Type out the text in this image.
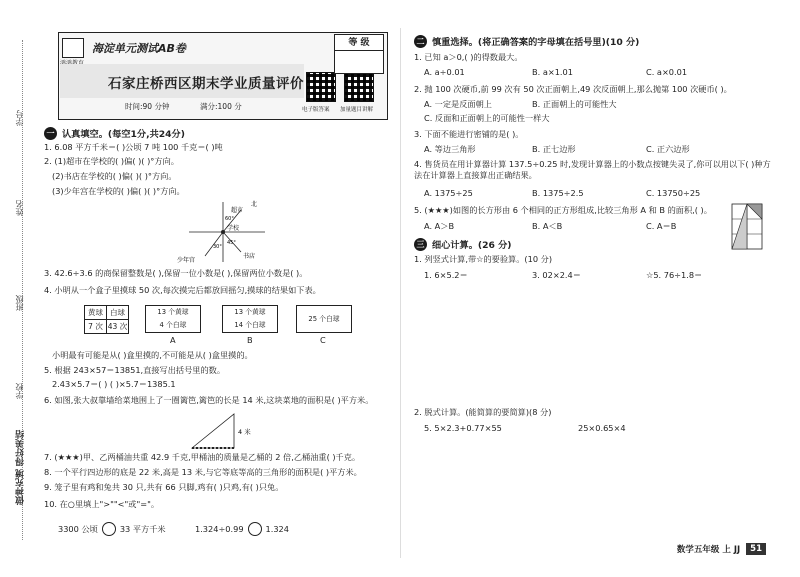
学号
姓名
班级
学校
做神充境 得好美结
海淀单元测试AB卷
石家庄桥西区期末学业质量评价
时间:90 分钟	满分:100 分	电子版答案 加量题目讲解
等 级
一 认真填空。(每空1分,共24分)
1. 6.08 平方千米＝( )公顷 7 吨 100 千克＝( )吨
2. (1)超市在学校的( )偏( )( )°方向。
(2)书店在学校的( )偏( )( )°方向。
(3)少年宫在学校的( )偏( )( )°方向。
北
超市
学校
书店
少年宫
60°
30°
45°
3. 42.6÷3.6 的商保留整数是( ),保留一位小数是( ),保留两位小数是( )。
4. 小明从一个盒子里摸球 50 次,每次摸完后都放回摇匀,摸球的结果如下表。
黄球	白球
7 次	43 次
13 个黄球
4 个白球
A
13 个黄球
14 个白球
B
25 个白球
C
小明最有可能是从( )盒里摸的,不可能是从( )盒里摸的。
5. 根据 243×57＝13851,直接写出括号里的数。
2.43×5.7＝( ) ( )×5.7＝1385.1
6. 如图,张大叔靠墙给菜地围上了一圈篱笆,篱笆的长是 14 米,这块菜地的面积是( )平方米。
4 米
7. (★★★)甲、乙两桶油共重 42.9 千克,甲桶油的质量是乙桶的 2 倍,乙桶油重( )千克。
8. 一个平行四边形的底是 22 米,高是 13 米,与它等底等高的三角形的面积是( )平方米。
9. 笼子里有鸡和兔共 30 只,共有 66 只脚,鸡有( )只鸡,有( )只兔。
10. 在○里填上">""<"或"="。
3300 公顷	33 平方千米	1.324÷0.99	1.324
二 慎重选择。(将正确答案的字母填在括号里)(10 分)
1. 已知 a＞0,( )的得数最大。
A. a÷0.01	B. a×1.01	C. a×0.01
2. 抛 100 次硬币,前 99 次有 50 次正面朝上,49 次反面朝上,那么抛第 100 次硬币( )。
A. 一定是反面朝上	B. 正面朝上的可能性大
C. 反面和正面朝上的可能性一样大
3. 下面不能进行密铺的是( )。
A. 等边三角形	B. 正七边形	C. 正六边形
4. 售货员在用计算器计算 137.5÷0.25 时,发现计算器上的小数点按键失灵了,你可以用以下( )种方法在计算器上直接算出正确结果。
A. 1375÷25	B. 1375÷2.5	C. 13750÷25
5. (★★★)如图的长方形由 6 个相同的正方形组成,比较三角形 A 和 B 的面积,( )。
A. A＞B	B. A＜B	C. A＝B
三 细心计算。(26 分)
1. 列竖式计算,带☆的要验算。(10 分)
1. 6×5.2＝	3. 02×2.4＝	☆5. 76÷1.8＝
2. 脱式计算。(能简算的要简算)(8 分)
5. 5×2.3+0.77×55	25×0.65×4
数学五年级 上 JJ	51
